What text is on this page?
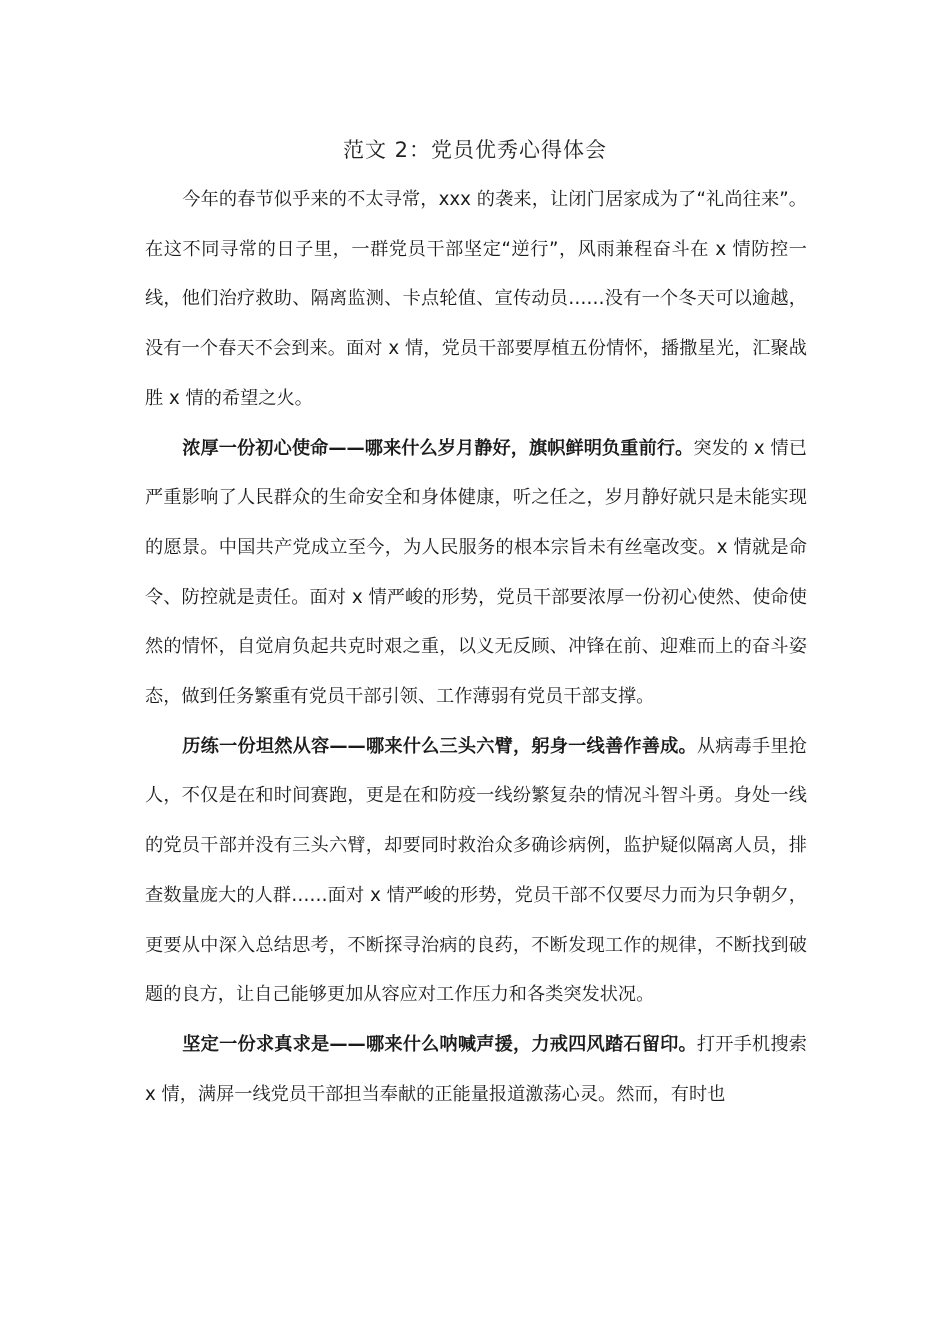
范文 2：党员优秀心得体会

今年的春节似乎来的不太寻常，xxx 的袭来，让闭门居家成为了“礼尚往来”。在这不同寻常的日子里，一群党员干部坚定“逆行”，风雨兼程奋斗在 x 情防控一线，他们治疗救助、隔离监测、卡点轮值、宣传动员……没有一个冬天可以逾越，没有一个春天不会到来。面对 x 情，党员干部要厚植五份情怀，播撒星光，汇聚战胜 x 情的希望之火。

浓厚一份初心使命——哪来什么岁月静好，旗帜鲜明负重前行。突发的 x 情已严重影响了人民群众的生命安全和身体健康，听之任之，岁月静好就只是未能实现的愿景。中国共产党成立至今，为人民服务的根本宗旨未有丝毫改变。x 情就是命令、防控就是责任。面对 x 情严峻的形势，党员干部要浓厚一份初心使然、使命使然的情怀，自觉肩负起共克时艰之重，以义无反顾、冲锋在前、迎难而上的奋斗姿态，做到任务繁重有党员干部引领、工作薄弱有党员干部支撑。

历练一份坦然从容——哪来什么三头六臂，躬身一线善作善成。从病毒手里抢人，不仅是在和时间赛跑，更是在和防疫一线纷繁复杂的情况斗智斗勇。身处一线的党员干部并没有三头六臂，却要同时救治众多确诊病例，监护疑似隔离人员，排查数量庞大的人群……面对 x 情严峻的形势，党员干部不仅要尽力而为只争朝夕，更要从中深入总结思考，不断探寻治病的良药，不断发现工作的规律，不断找到破题的良方，让自己能够更加从容应对工作压力和各类突发状况。

坚定一份求真求是——哪来什么呐喊声援，力戒四风踏石留印。打开手机搜索 x 情，满屏一线党员干部担当奉献的正能量报道激荡心灵。然而，有时也
